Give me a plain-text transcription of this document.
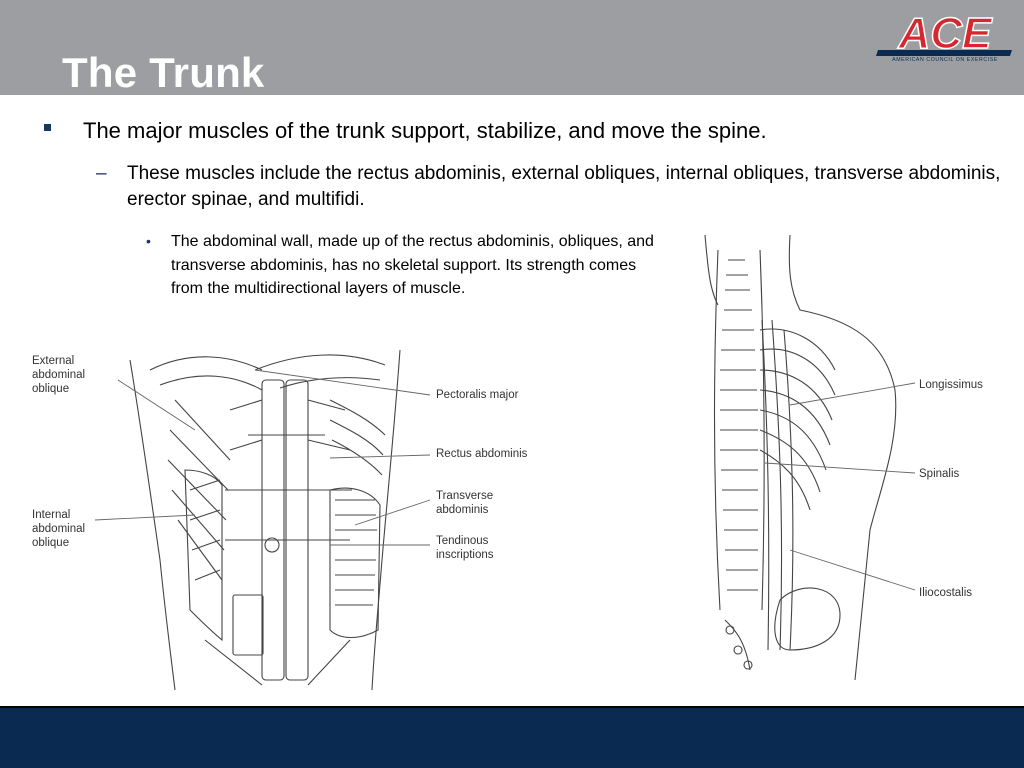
The Trunk
ACE
AMERICAN COUNCIL ON EXERCISE
The major muscles of the trunk support, stabilize, and move the spine.
– These muscles include the rectus abdominis, external obliques, internal obliques, transverse abdominis, erector spinae, and multifidi.
• The abdominal wall, made up of the rectus abdominis, obliques, and transverse abdominis, has no skeletal support. Its strength comes from the multidirectional layers of muscle.
External abdominal oblique
Internal abdominal oblique
Pectoralis major
Rectus abdominis
Transverse abdominis
Tendinous inscriptions
Longissimus
Spinalis
Iliocostalis
